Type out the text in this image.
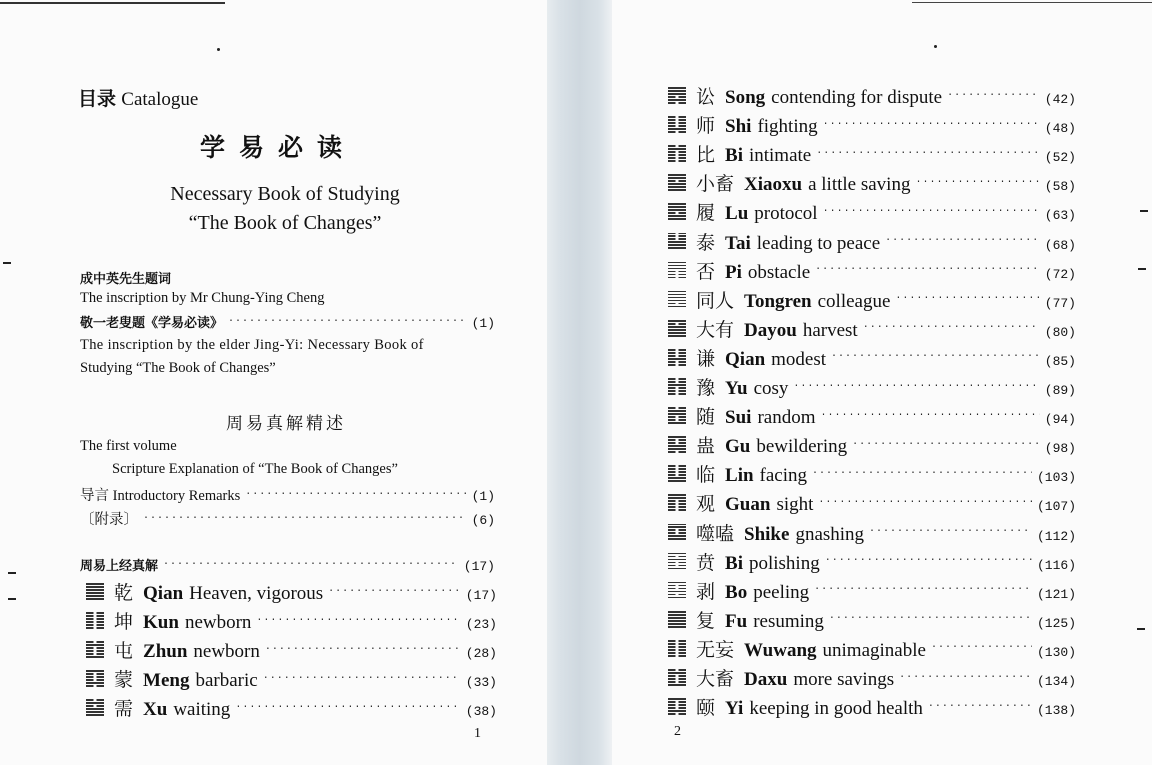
目录 Catalogue
学易必读
Necessary Book of Studying
“The Book of Changes”
成中英先生题词
The inscription by Mr Chung-Ying Cheng
敬一老叟题《学易必读》 ·····	(1)
The inscription by the elder Jing-Yi: Necessary Book of
Studying “The Book of Changes”
周易真解精述
The first volume
Scripture Explanation of “The Book of Changes”
导言 Introductory Remarks ·····	(1)
〔附录〕 ·····	(6)
周易上经真解 ·····	(17)
乾 Qian Heaven, vigorous ·····	(17)
坤 Kun newborn ·····	(23)
屯 Zhun newborn ·····	(28)
蒙 Meng barbaric ·····	(33)
需 Xu waiting ·····	(38)
1
讼 Song contending for dispute ·····	(42)
师 Shi fighting ·····	(48)
比 Bi intimate ·····	(52)
小畜 Xiaoxu a little saving ·····	(58)
履 Lu protocol ·····	(63)
泰 Tai leading to peace ·····	(68)
否 Pi obstacle ·····	(72)
同人 Tongren colleague ·····	(77)
大有 Dayou harvest ·····	(80)
谦 Qian modest ·····	(85)
豫 Yu cosy ·····	(89)
随 Sui random ·····	(94)
蛊 Gu bewildering ·····	(98)
临 Lin facing ·····	(103)
观 Guan sight ·····	(107)
噬嗑 Shike gnashing ·····	(112)
贲 Bi polishing ·····	(116)
剥 Bo peeling ·····	(121)
复 Fu resuming ·····	(125)
无妄 Wuwang unimaginable ·····	(130)
大畜 Daxu more savings ·····	(134)
颐 Yi keeping in good health ·····	(138)
2
